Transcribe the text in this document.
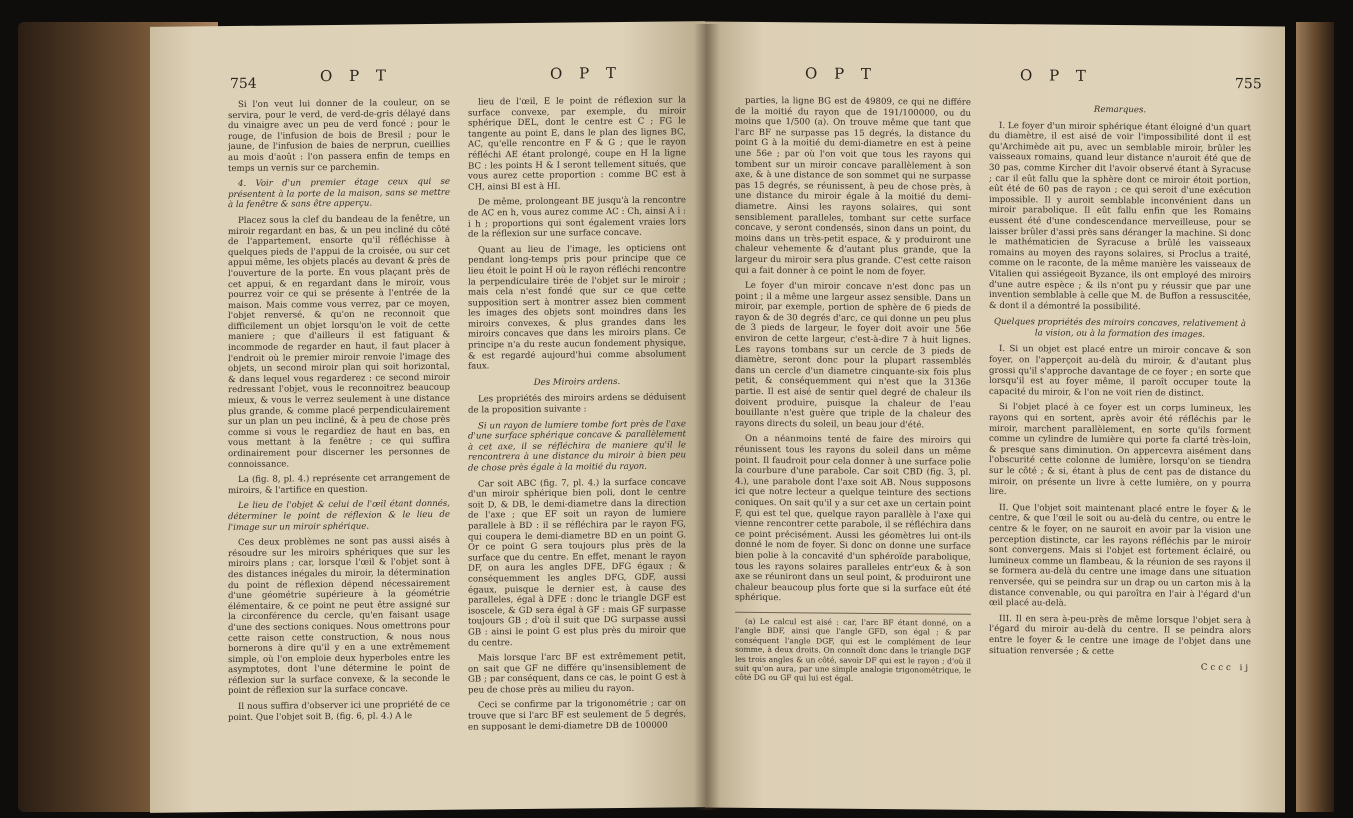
754	O P T	O P T

Si l'on veut lui donner de la couleur, on se servira, pour le verd, de verd-de-gris délayé dans du vinaigre avec un peu de verd foncé ; pour le rouge, de l'infusion de bois de Bresil ; pour le jaune, de l'infusion de baies de nerprun, cueillies au mois d'août : l'on passera enfin de temps en temps un vernis sur ce parchemin.

4. Voir d'un premier étage ceux qui se présentent à la porte de la maison, sans se mettre à la fenêtre & sans être apperçu.

Placez sous la clef du bandeau de la fenêtre, un miroir regardant en bas, & un peu incliné du côté de l'appartement, ensorte qu'il réfléchisse à quelques pieds de l'appui de la croisée, ou sur cet appui même, les objets placés au devant & près de l'ouverture de la porte. En vous plaçant près de cet appui, & en regardant dans le miroir, vous pourrez voir ce qui se présente à l'entrée de la maison. Mais comme vous verrez, par ce moyen, l'objet renversé, & qu'on ne reconnoit que difficilement un objet lorsqu'on le voit de cette maniere ; que d'ailleurs il est fatiguant & incommode de regarder en haut, il faut placer à l'endroit où le premier miroir renvoie l'image des objets, un second miroir plan qui soit horizontal, & dans lequel vous regarderez : ce second miroir redressant l'objet, vous le reconnoitrez beaucoup mieux, & vous le verrez seulement à une distance plus grande, & comme placé perpendiculairement sur un plan un peu incliné, & à peu de chose près comme si vous le regardiez de haut en bas, en vous mettant à la fenêtre ; ce qui suffira ordinairement pour discerner les personnes de connoissance.

La (fig. 8, pl. 4.) représente cet arrangement de miroirs, & l'artifice en question.

Le lieu de l'objet & celui de l'œil étant donnés, déterminer le point de réflexion & le lieu de l'image sur un miroir sphérique.

Ces deux problèmes ne sont pas aussi aisés à résoudre sur les miroirs sphériques que sur les miroirs plans ; car, lorsque l'œil & l'objet sont à des distances inégales du miroir, la détermination du point de réflexion dépend nécessairement d'une géométrie supérieure à la géométrie élémentaire, & ce point ne peut être assigné sur la circonférence du cercle, qu'en faisant usage d'une des sections coniques. Nous omettrons pour cette raison cette construction, & nous nous bornerons à dire qu'il y en a une extrêmement simple, où l'on emploie deux hyperboles entre les asymptotes, dont l'une détermine le point de réflexion sur la surface convexe, & la seconde le point de réflexion sur la surface concave.

Il nous suffira d'observer ici une propriété de ce point. Que l'objet soit B, (fig. 6, pl. 4.) A le

lieu de l'œil, E le point de réflexion sur la surface convexe, par exemple, du miroir sphérique DEL, dont le centre est C ; FG le tangente au point E, dans le plan des lignes BC, AC, qu'elle rencontre en F & G ; que le rayon réfléchi AE étant prolongé, coupe en H la ligne BC : les points H & I seront tellement situés, que vous aurez cette proportion : comme BC est à CH, ainsi BI est à HI.

De même, prolongeant BE jusqu'à la rencontre de AC en h, vous aurez comme AC : Ch, ainsi A i : i h ; proportions qui sont également vraies lors de la réflexion sur une surface concave.

Quant au lieu de l'image, les opticiens ont pendant long-temps pris pour principe que ce lieu étoit le point H où le rayon réfléchi rencontre la perpendiculaire tirée de l'objet sur le miroir ; mais cela n'est fondé que sur ce que cette supposition sert à montrer assez bien comment les images des objets sont moindres dans les miroirs convexes, & plus grandes dans les miroirs concaves que dans les miroirs plans. Ce principe n'a du reste aucun fondement physique, & est regardé aujourd'hui comme absolument faux.

Des Miroirs ardens.

Les propriétés des miroirs ardens se déduisent de la proposition suivante :

Si un rayon de lumiere tombe fort près de l'axe d'une surface sphérique concave & parallèlement à cet axe, il se réfléchira de maniere qu'il le rencontrera à une distance du miroir à bien peu de chose près égale à la moitié du rayon.

Car soit ABC (fig. 7, pl. 4.) la surface concave d'un miroir sphérique bien poli, dont le centre soit D, & DB, le demi-diametre dans la direction de l'axe ; que EF soit un rayon de lumiere parallele à BD : il se réfléchira par le rayon FG, qui coupera le demi-diametre BD en un point G. Or ce point G sera toujours plus près de la surface que du centre. En effet, menant le rayon DF, on aura les angles DFE, DFG égaux ; & conséquemment les angles DFG, GDF, aussi égaux, puisque le dernier est, à cause des paralleles, égal à DFE : donc le triangle DGF est isoscele, & GD sera égal à GF : mais GF surpasse toujours GB ; d'où il suit que DG surpasse aussi GB : ainsi le point G est plus près du miroir que du centre.

Mais lorsque l'arc BF est extrêmement petit, on sait que GF ne différe qu'insensiblement de GB ; par conséquent, dans ce cas, le point G est à peu de chose près au milieu du rayon.

Ceci se confirme par la trigonométrie ; car on trouve que si l'arc BF est seulement de 5 degrés, en supposant le demi-diametre DB de 100000

O P T	O P T	755

parties, la ligne BG est de 49809, ce qui ne différe de la moitié du rayon que de 191/100000, ou du moins que 1/500 (a). On trouve même que tant que l'arc BF ne surpasse pas 15 degrés, la distance du point G à la moitié du demi-diametre en est à peine une 56e ; par où l'on voit que tous les rayons qui tombent sur un miroir concave parallèlement à son axe, & à une distance de son sommet qui ne surpasse pas 15 degrés, se réunissent, à peu de chose près, à une distance du miroir égale à la moitié du demi-diametre. Ainsi les rayons solaires, qui sont sensiblement paralleles, tombant sur cette surface concave, y seront condensés, sinon dans un point, du moins dans un très-petit espace, & y produiront une chaleur vehemente & d'autant plus grande, que la largeur du miroir sera plus grande. C'est cette raison qui a fait donner à ce point le nom de foyer.

Le foyer d'un miroir concave n'est donc pas un point ; il a même une largeur assez sensible. Dans un miroir, par exemple, portion de sphère de 6 pieds de rayon & de 30 degrés d'arc, ce qui donne un peu plus de 3 pieds de largeur, le foyer doit avoir une 56e environ de cette largeur, c'est-à-dire 7 à huit lignes. Les rayons tombans sur un cercle de 3 pieds de diamètre, seront donc pour la plupart rassemblés dans un cercle d'un diametre cinquante-six fois plus petit, & conséquemment qui n'est que la 3136e partie. Il est aisé de sentir quel degré de chaleur ils doivent produire, puisque la chaleur de l'eau bouillante n'est guère que triple de la chaleur des rayons directs du soleil, un beau jour d'été.

On a néanmoins tenté de faire des miroirs qui réunissent tous les rayons du soleil dans un même point. Il faudroit pour cela donner à une surface polie la courbure d'une parabole. Car soit CBD (fig. 3, pl. 4.), une parabole dont l'axe soit AB. Nous supposons ici que notre lecteur a quelque teinture des sections coniques. On sait qu'il y a sur cet axe un certain point F, qui est tel que, quelque rayon parallèle à l'axe qui vienne rencontrer cette parabole, il se réfléchira dans ce point précisément. Aussi les géomètres lui ont-ils donné le nom de foyer. Si donc on donne une surface bien polie à la concavité d'un sphéroïde parabolique, tous les rayons solaires paralleles entr'eux & à son axe se réuniront dans un seul point, & produiront une chaleur beaucoup plus forte que si la surface eût été sphérique.

(a) Le calcul est aisé : car, l'arc BF étant donné, on a l'angle BDF, ainsi que l'angle GFD, son égal ; & par conséquent l'angle DGF, qui est le complément de leur somme, à deux droits. On connoît donc dans le triangle DGF les trois angles & un côté, savoir DF qui est le rayon ; d'où il suit qu'on aura, par une simple analogie trigonométrique, le côté DG ou GF qui lui est égal.

Remarques.

I. Le foyer d'un miroir sphérique étant éloigné d'un quart du diamètre, il est aisé de voir l'impossibilité dont il est qu'Archimède ait pu, avec un semblable miroir, brûler les vaisseaux romains, quand leur distance n'auroit été que de 30 pas, comme Kircher dit l'avoir observé étant à Syracuse ; car il eût fallu que la sphère dont ce miroir étoit portion, eût été de 60 pas de rayon ; ce qui seroit d'une exécution impossible. Il y auroit semblable inconvénient dans un miroir parabolique. Il eût fallu enfin que les Romains eussent été d'une condescendance merveilleuse, pour se laisser brûler d'assi près sans déranger la machine. Si donc le mathématicien de Syracuse a brûlé les vaisseaux romains au moyen des rayons solaires, si Proclus a traité, comme on le raconte, de la même manière les vaisseaux de Vitalien qui assiégeoit Byzance, ils ont employé des miroirs d'une autre espèce ; & ils n'ont pu y réussir que par une invention semblable à celle que M. de Buffon a ressuscitée, & dont il a démontré la possibilité.

Quelques propriétés des miroirs concaves, relativement à la vision, ou à la formation des images.

I. Si un objet est placé entre un miroir concave & son foyer, on l'apperçoit au-delà du miroir, & d'autant plus grossi qu'il s'approche davantage de ce foyer ; en sorte que lorsqu'il est au foyer même, il paroît occuper toute la capacité du miroir, & l'on ne voit rien de distinct.

Si l'objet placé à ce foyer est un corps lumineux, les rayons qui en sortent, après avoir été réfléchis par le miroir, marchent parallèlement, en sorte qu'ils forment comme un cylindre de lumière qui porte fa clarté très-loin, & presque sans diminution. On appercevra aisément dans l'obscurité cette colonne de lumière, lorsqu'on se tiendra sur le côté ; & si, étant à plus de cent pas de distance du miroir, on présente un livre à cette lumière, on y pourra lire.

II. Que l'objet soit maintenant placé entre le foyer & le centre, & que l'œil le soit ou au-delà du centre, ou entre le centre & le foyer, on ne sauroit en avoir par la vision une perception distincte, car les rayons réfléchis par le miroir sont convergens. Mais si l'objet est fortement éclairé, ou lumineux comme un flambeau, & la réunion de ses rayons il se formera au-delà du centre une image dans une situation renversée, qui se peindra sur un drap ou un carton mis à la distance convenable, ou qui paroîtra en l'air à l'égard d'un œil placé au-delà.

III. Il en sera à-peu-près de même lorsque l'objet sera à l'égard du miroir au-delà du centre. Il se peindra alors entre le foyer & le centre une image de l'objet dans une situation renversée ; & cette

Cccc ij
